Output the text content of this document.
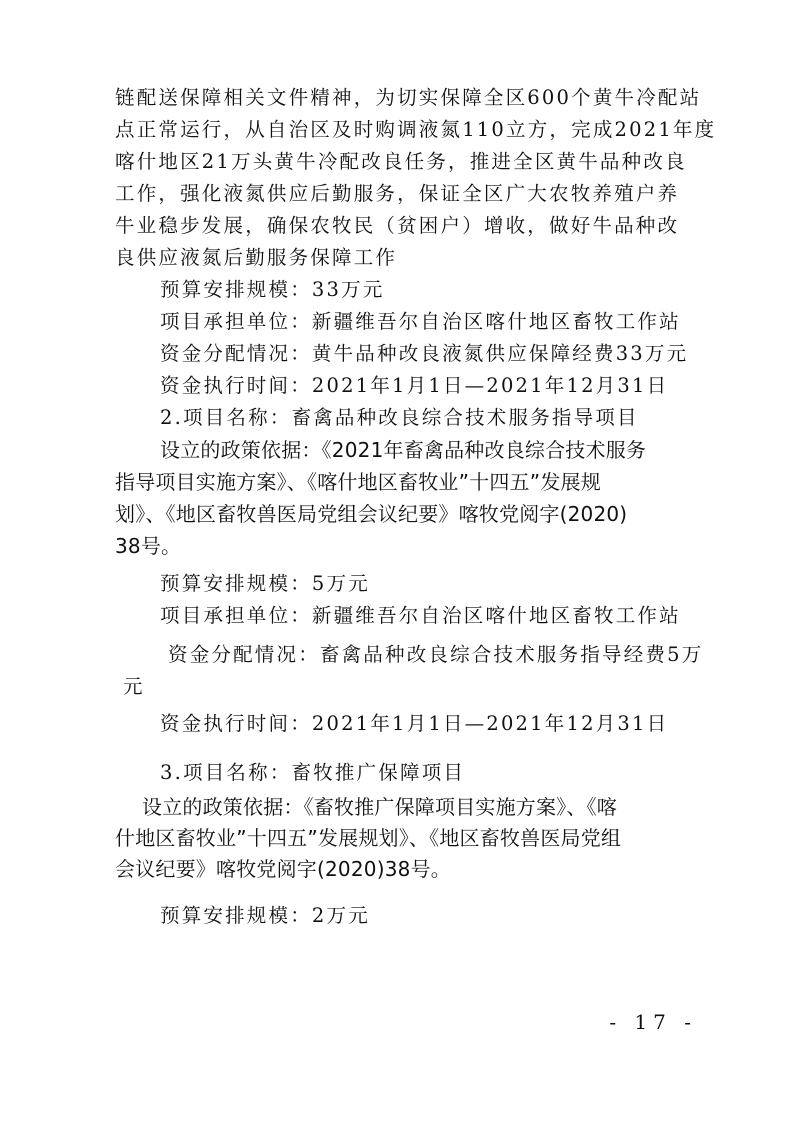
链配送保障相关文件精神，为切实保障全区600个黄牛冷配站
点正常运行，从自治区及时购调液氮110立方，完成2021年度
喀什地区21万头黄牛冷配改良任务，推进全区黄牛品种改良
工作，强化液氮供应后勤服务，保证全区广大农牧养殖户养
牛业稳步发展，确保农牧民（贫困户）增收，做好牛品种改
良供应液氮后勤服务保障工作
预算安排规模：33万元
项目承担单位：新疆维吾尔自治区喀什地区畜牧工作站
资金分配情况：黄牛品种改良液氮供应保障经费33万元
资金执行时间：2021年1月1日—2021年12月31日
2.项目名称：畜禽品种改良综合技术服务指导项目
设立的政策依据：《2021年畜禽品种改良综合技术服务
指导项目实施方案》、《喀什地区畜牧业”十四五”发展规
划》、《地区畜牧兽医局党组会议纪要》喀牧党阅字(2020)
38号。
预算安排规模：5万元
项目承担单位：新疆维吾尔自治区喀什地区畜牧工作站
资金分配情况：畜禽品种改良综合技术服务指导经费5万
元
资金执行时间：2021年1月1日—2021年12月31日
3.项目名称：畜牧推广保障项目
设立的政策依据：《畜牧推广保障项目实施方案》、《喀
什地区畜牧业”十四五”发展规划》、《地区畜牧兽医局党组
会议纪要》喀牧党阅字(2020)38号。
预算安排规模：2万元
- 17 -
